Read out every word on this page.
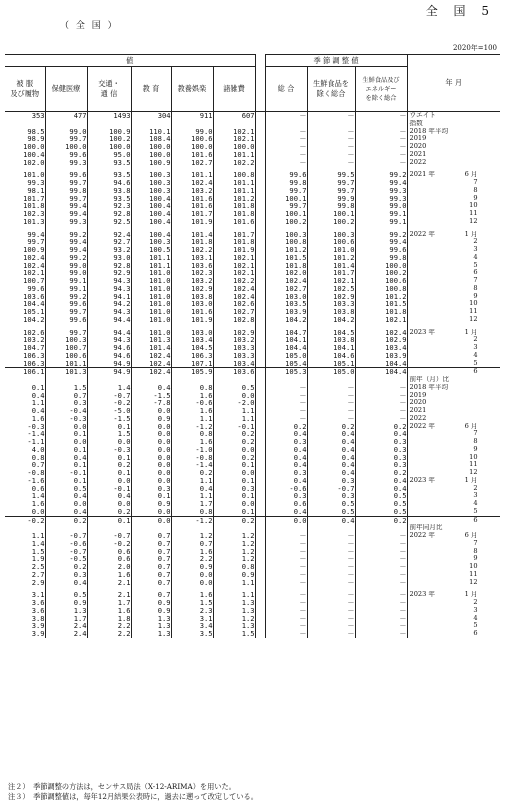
全 国 5
（ 全 国 ）
2020年=100
値							季 節 調 整 値			年 月
被 服
及び履物	保健医療	交通・
通 信	教 育	教養娯楽	諸雑費		総 合	生鮮食品を
除く総合	生鮮食品及び
エネルギー
を除く総合	
353	477	1493	304	911	607		－	－	－	ウエイト
										指数
98.5	99.0	100.9	110.1	99.0	102.1		－	－	－	2018 年平均
98.9	99.7	100.2	108.4	100.6	102.1		－	－	－	2019
100.0	100.0	100.0	100.0	100.0	100.0		－	－	－	2020
100.4	99.6	95.0	100.0	101.6	101.1		－	－	－	2021
102.0	99.3	93.5	100.9	102.7	102.2		－	－	－	2022

101.0	99.6	93.5	100.3	101.1	100.8		99.6	99.5	99.2	2021 年 6 月
99.3	99.7	94.6	100.3	102.4	101.1		99.8	99.7	99.4	7
98.1	99.8	93.8	100.3	103.2	101.1		99.7	99.7	99.3	8
101.7	99.7	93.5	100.4	101.6	101.2		100.1	99.9	99.3	9
101.8	99.4	92.3	100.4	101.6	101.8		99.7	99.8	99.0	10
102.3	99.4	92.8	100.4	101.7	101.8		100.1	100.1	99.1	11
101.3	99.3	92.5	100.4	101.9	101.6		100.2	100.2	99.1	12

99.4	99.2	92.4	100.4	101.4	101.7		100.3	100.3	99.2	2022 年 1 月
99.7	99.4	92.7	100.3	101.8	101.8		100.8	100.6	99.4	2
100.9	99.4	93.2	100.5	102.2	101.9		101.2	101.0	99.6	3
102.4	99.2	93.0	101.1	103.1	102.1		101.5	101.2	99.8	4
102.4	99.0	92.8	101.1	103.6	102.1		101.8	101.4	100.0	5
102.1	99.0	92.9	101.0	102.3	102.1		102.0	101.7	100.2	6
100.7	99.1	94.3	101.0	103.2	102.2		102.4	102.1	100.6	7
99.6	99.1	94.3	101.0	102.9	102.4		102.7	102.5	100.8	8
103.6	99.2	94.1	101.0	103.8	102.4		103.0	102.9	101.2	9
104.4	99.6	94.2	101.0	103.0	102.6		103.5	103.3	101.5	10
105.1	99.7	94.3	101.0	101.6	102.7		103.9	103.8	101.8	11
104.2	99.6	94.4	101.0	101.9	102.8		104.2	104.2	102.1	12

102.6	99.7	94.4	101.0	103.0	102.9		104.7	104.5	102.4	2023 年 1 月
103.2	100.3	94.3	101.3	103.4	103.2		104.1	103.8	102.9	2
104.7	100.7	94.6	101.4	104.5	103.3		104.4	104.1	103.4	3
106.3	100.6	94.6	102.4	106.3	103.3		105.0	104.6	103.9	4
106.3	101.1	94.9	102.4	107.1	103.4		105.4	105.1	104.4	5
106.1	101.3	94.9	102.4	105.9	103.6		105.3	105.0	104.4	6
										前年（月）比
0.1	1.5	1.4	0.4	0.8	0.5		－	－	－	2018 年平均
0.4	0.7	-0.7	-1.5	1.6	0.0		－	－	－	2019
1.1	0.3	-0.2	-7.8	-0.6	-2.0		－	－	－	2020
0.4	-0.4	-5.0	0.0	1.6	1.1		－	－	－	2021
1.6	-0.3	-1.5	0.9	1.1	1.1		－	－	－	2022
-0.3	0.0	0.1	0.0	-1.2	-0.1		0.2	0.2	0.2	2022 年 6 月
-1.4	0.1	1.5	0.0	0.8	0.2		0.4	0.4	0.4	7
-1.1	0.0	0.0	0.0	1.6	0.2		0.3	0.4	0.3	8
4.0	0.1	-0.3	0.0	-1.0	0.0		0.4	0.4	0.3	9
0.8	0.4	0.1	0.0	-0.8	0.2		0.4	0.4	0.3	10
0.7	0.1	0.2	0.0	-1.4	0.1		0.4	0.4	0.3	11
-0.8	-0.1	0.1	0.0	0.2	0.0		0.3	0.4	0.2	12
-1.6	0.1	0.0	0.0	1.1	0.1		0.4	0.3	0.4	2023 年 1 月
0.6	0.5	-0.1	0.3	0.4	0.3		-0.6	-0.7	0.4	2
1.4	0.4	0.4	0.1	1.1	0.1		0.3	0.3	0.5	3
1.6	0.0	0.0	0.9	1.7	0.0		0.6	0.5	0.5	4
0.0	0.4	0.2	0.0	0.8	0.1		0.4	0.5	0.5	5
-0.2	0.2	0.1	0.0	-1.2	0.2		0.0	0.4	0.2	6
										前年同月比
1.1	-0.7	-0.7	0.7	1.2	1.2		－	－	－	2022 年 6 月
1.4	-0.6	-0.2	0.7	0.7	1.2		－	－	－	7
1.5	-0.7	0.6	0.7	1.6	1.2		－	－	－	8
1.9	-0.5	0.6	0.7	2.2	1.2		－	－	－	9
2.5	0.2	2.0	0.7	0.9	0.8		－	－	－	10
2.7	0.3	1.6	0.7	0.0	0.9		－	－	－	11
2.9	0.4	2.1	0.7	0.0	1.1		－	－	－	12

3.1	0.5	2.1	0.7	1.6	1.1		－	－	－	2023 年 1 月
3.6	0.9	1.7	0.9	1.5	1.3		－	－	－	2
3.6	1.3	1.6	0.9	2.3	1.3		－	－	－	3
3.8	1.7	1.8	1.3	3.1	1.2		－	－	－	4
3.9	2.4	2.2	1.3	3.4	1.3		－	－	－	5
3.9	2.4	2.2	1.3	3.5	1.5		－	－	－	6
注２）　季節調整の方法は，センサス局法（X-12-ARIMA）を用いた。
注３）　季節調整値は，毎年12月結果公表時に，過去に遡って改定している。
